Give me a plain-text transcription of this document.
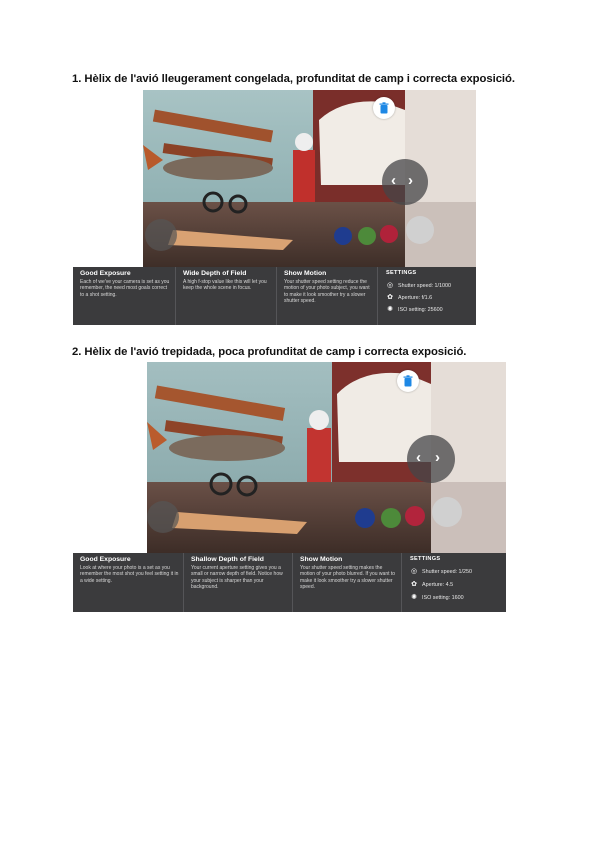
1. Hèlix de l'avió lleugerament congelada, profunditat de camp i correcta exposició.
‹ ›
Good Exposure
Each of we've your camera is set as you remember, the need most goals correct to a shot setting.
Wide Depth of Field
A high f-stop value like this will let you keep the whole scene in focus.
Show Motion
Your shutter speed setting reduce the motion of your photo subject, you want to make it look smoother try a slower shutter speed.
SETTINGS
◎ Shutter speed: 1/1000
✿ Aperture: f/1.6
✺ ISO setting: 25600
2. Hèlix de l'avió trepidada, poca profunditat de camp i correcta exposició.
‹ ›
Good Exposure
Look at where your photo is a set as you remember the most shot you feel setting it in a wide setting.
Shallow Depth of Field
Your current aperture setting gives you a small or narrow depth of field. Notice how your subject is sharper than your background.
Show Motion
Your shutter speed setting makes the motion of your photo blurred. If you want to make it look smoother try a slower shutter speed.
SETTINGS
◎ Shutter speed: 1/250
✿ Aperture: 4.5
✺ ISO setting: 1600
